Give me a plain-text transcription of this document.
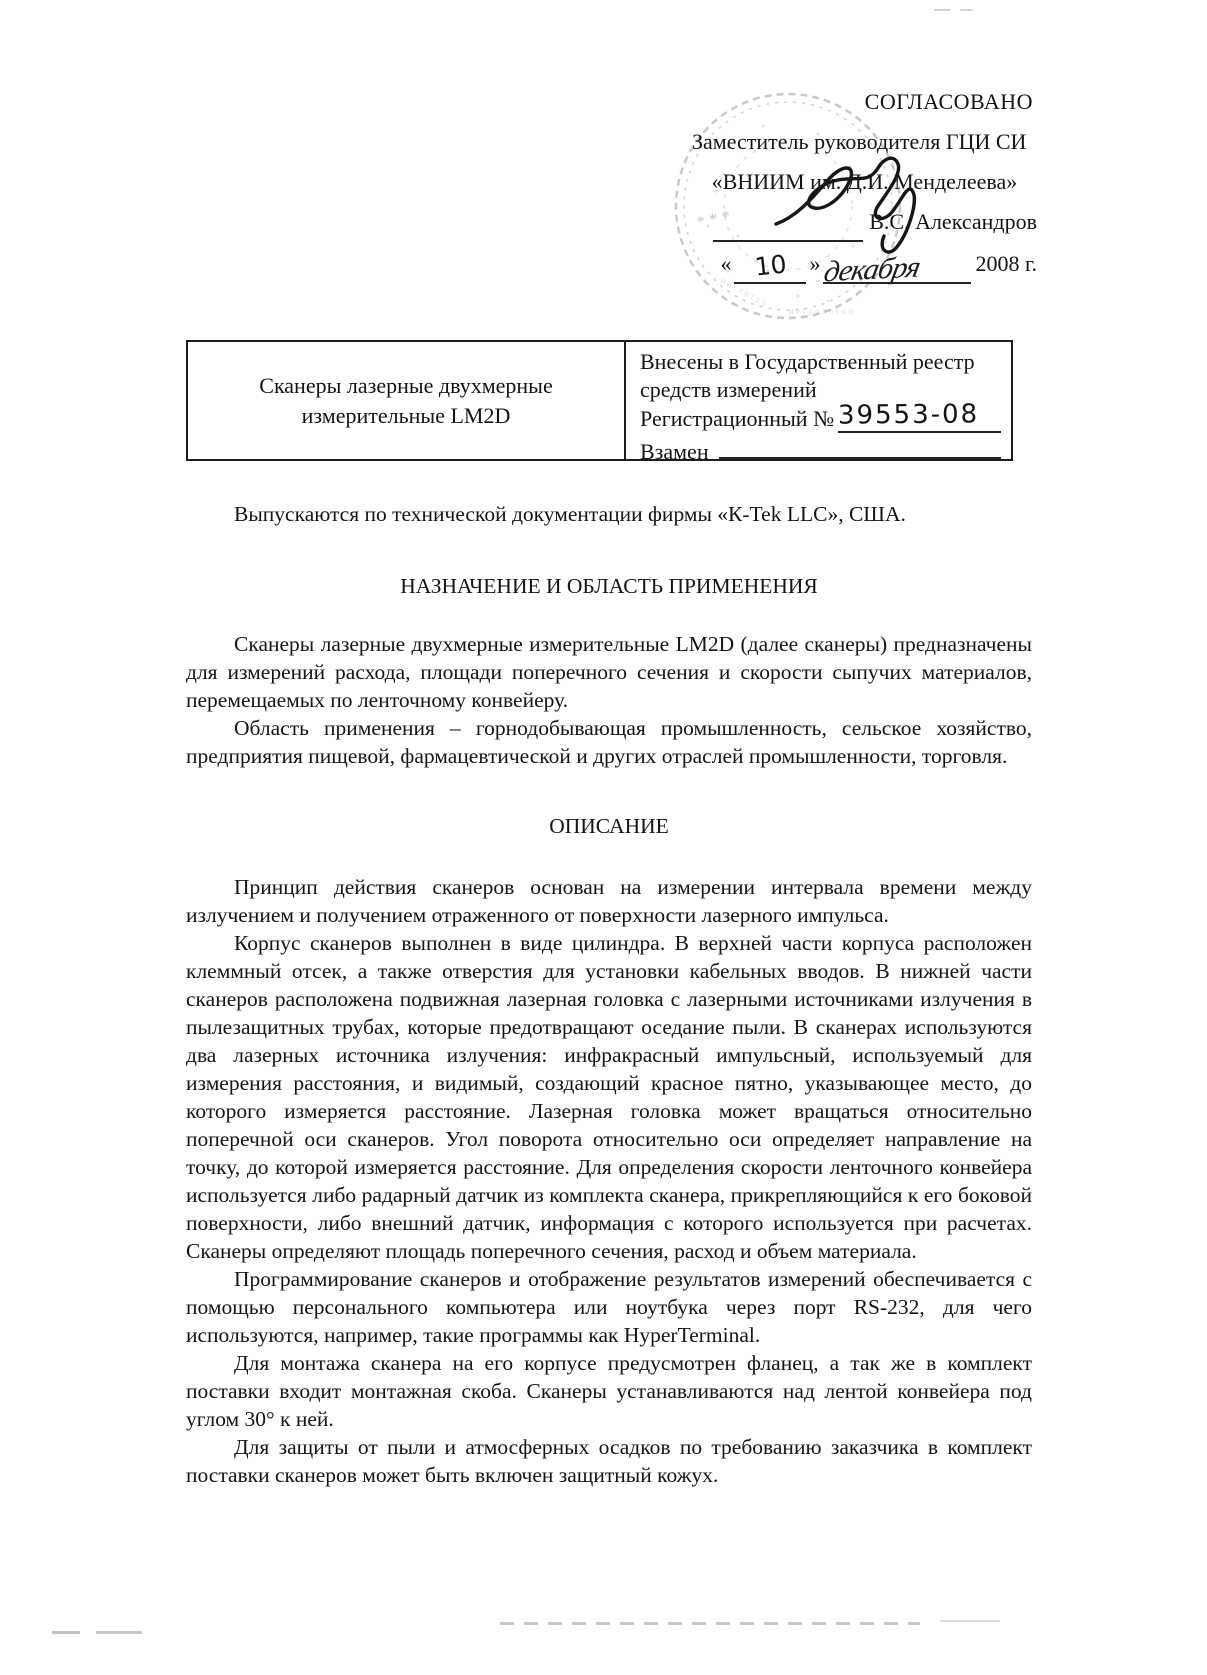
* * *
и н с т и т у т
м е т р о л о г и и
СОГЛАСОВАНО
Заместитель руководителя ГЦИ СИ
«ВНИИМ им. Д.И. Менделеева»
В.С. Александров
« 10 » декабря 2008 г.
Сканеры лазерные двухмерные
измерительные LM2D
Внесены в Государственный реестр
средств измерений
Регистрационный № 39553-08
Взамен

Выпускаются по технической документации фирмы «К-Tek LLC», США.

НАЗНАЧЕНИЕ И ОБЛАСТЬ ПРИМЕНЕНИЯ

Сканеры лазерные двухмерные измерительные LM2D (далее сканеры) предназначены для измерений расхода, площади поперечного сечения и скорости сыпучих материалов, перемещаемых по ленточному конвейеру.

Область применения – горнодобывающая промышленность, сельское хозяйство, предприятия пищевой, фармацевтической и других отраслей промышленности, торговля.

ОПИСАНИЕ

Принцип действия сканеров основан на измерении интервала времени между излучением и получением отраженного от поверхности лазерного импульса.

Корпус сканеров выполнен в виде цилиндра. В верхней части корпуса расположен клеммный отсек, а также отверстия для установки кабельных вводов. В нижней части сканеров расположена подвижная лазерная головка с лазерными источниками излучения в пылезащитных трубах, которые предотвращают оседание пыли. В сканерах используются два лазерных источника излучения: инфракрасный импульсный, используемый для измерения расстояния, и видимый, создающий красное пятно, указывающее место, до которого измеряется расстояние. Лазерная головка может вращаться относительно поперечной оси сканеров. Угол поворота относительно оси определяет направление на точку, до которой измеряется расстояние. Для определения скорости ленточного конвейера используется либо радарный датчик из комплекта сканера, прикрепляющийся к его боковой поверхности, либо внешний датчик, информация с которого используется при расчетах. Сканеры определяют площадь поперечного сечения, расход и объем материала.

Программирование сканеров и отображение результатов измерений обеспечивается с помощью персонального компьютера или ноутбука через порт RS-232, для чего используются, например, такие программы как HyperTerminal.

Для монтажа сканера на его корпусе предусмотрен фланец, а так же в комплект поставки входит монтажная скоба. Сканеры устанавливаются над лентой конвейера под углом 30° к ней.

Для защиты от пыли и атмосферных осадков по требованию заказчика в комплект поставки сканеров может быть включен защитный кожух.
